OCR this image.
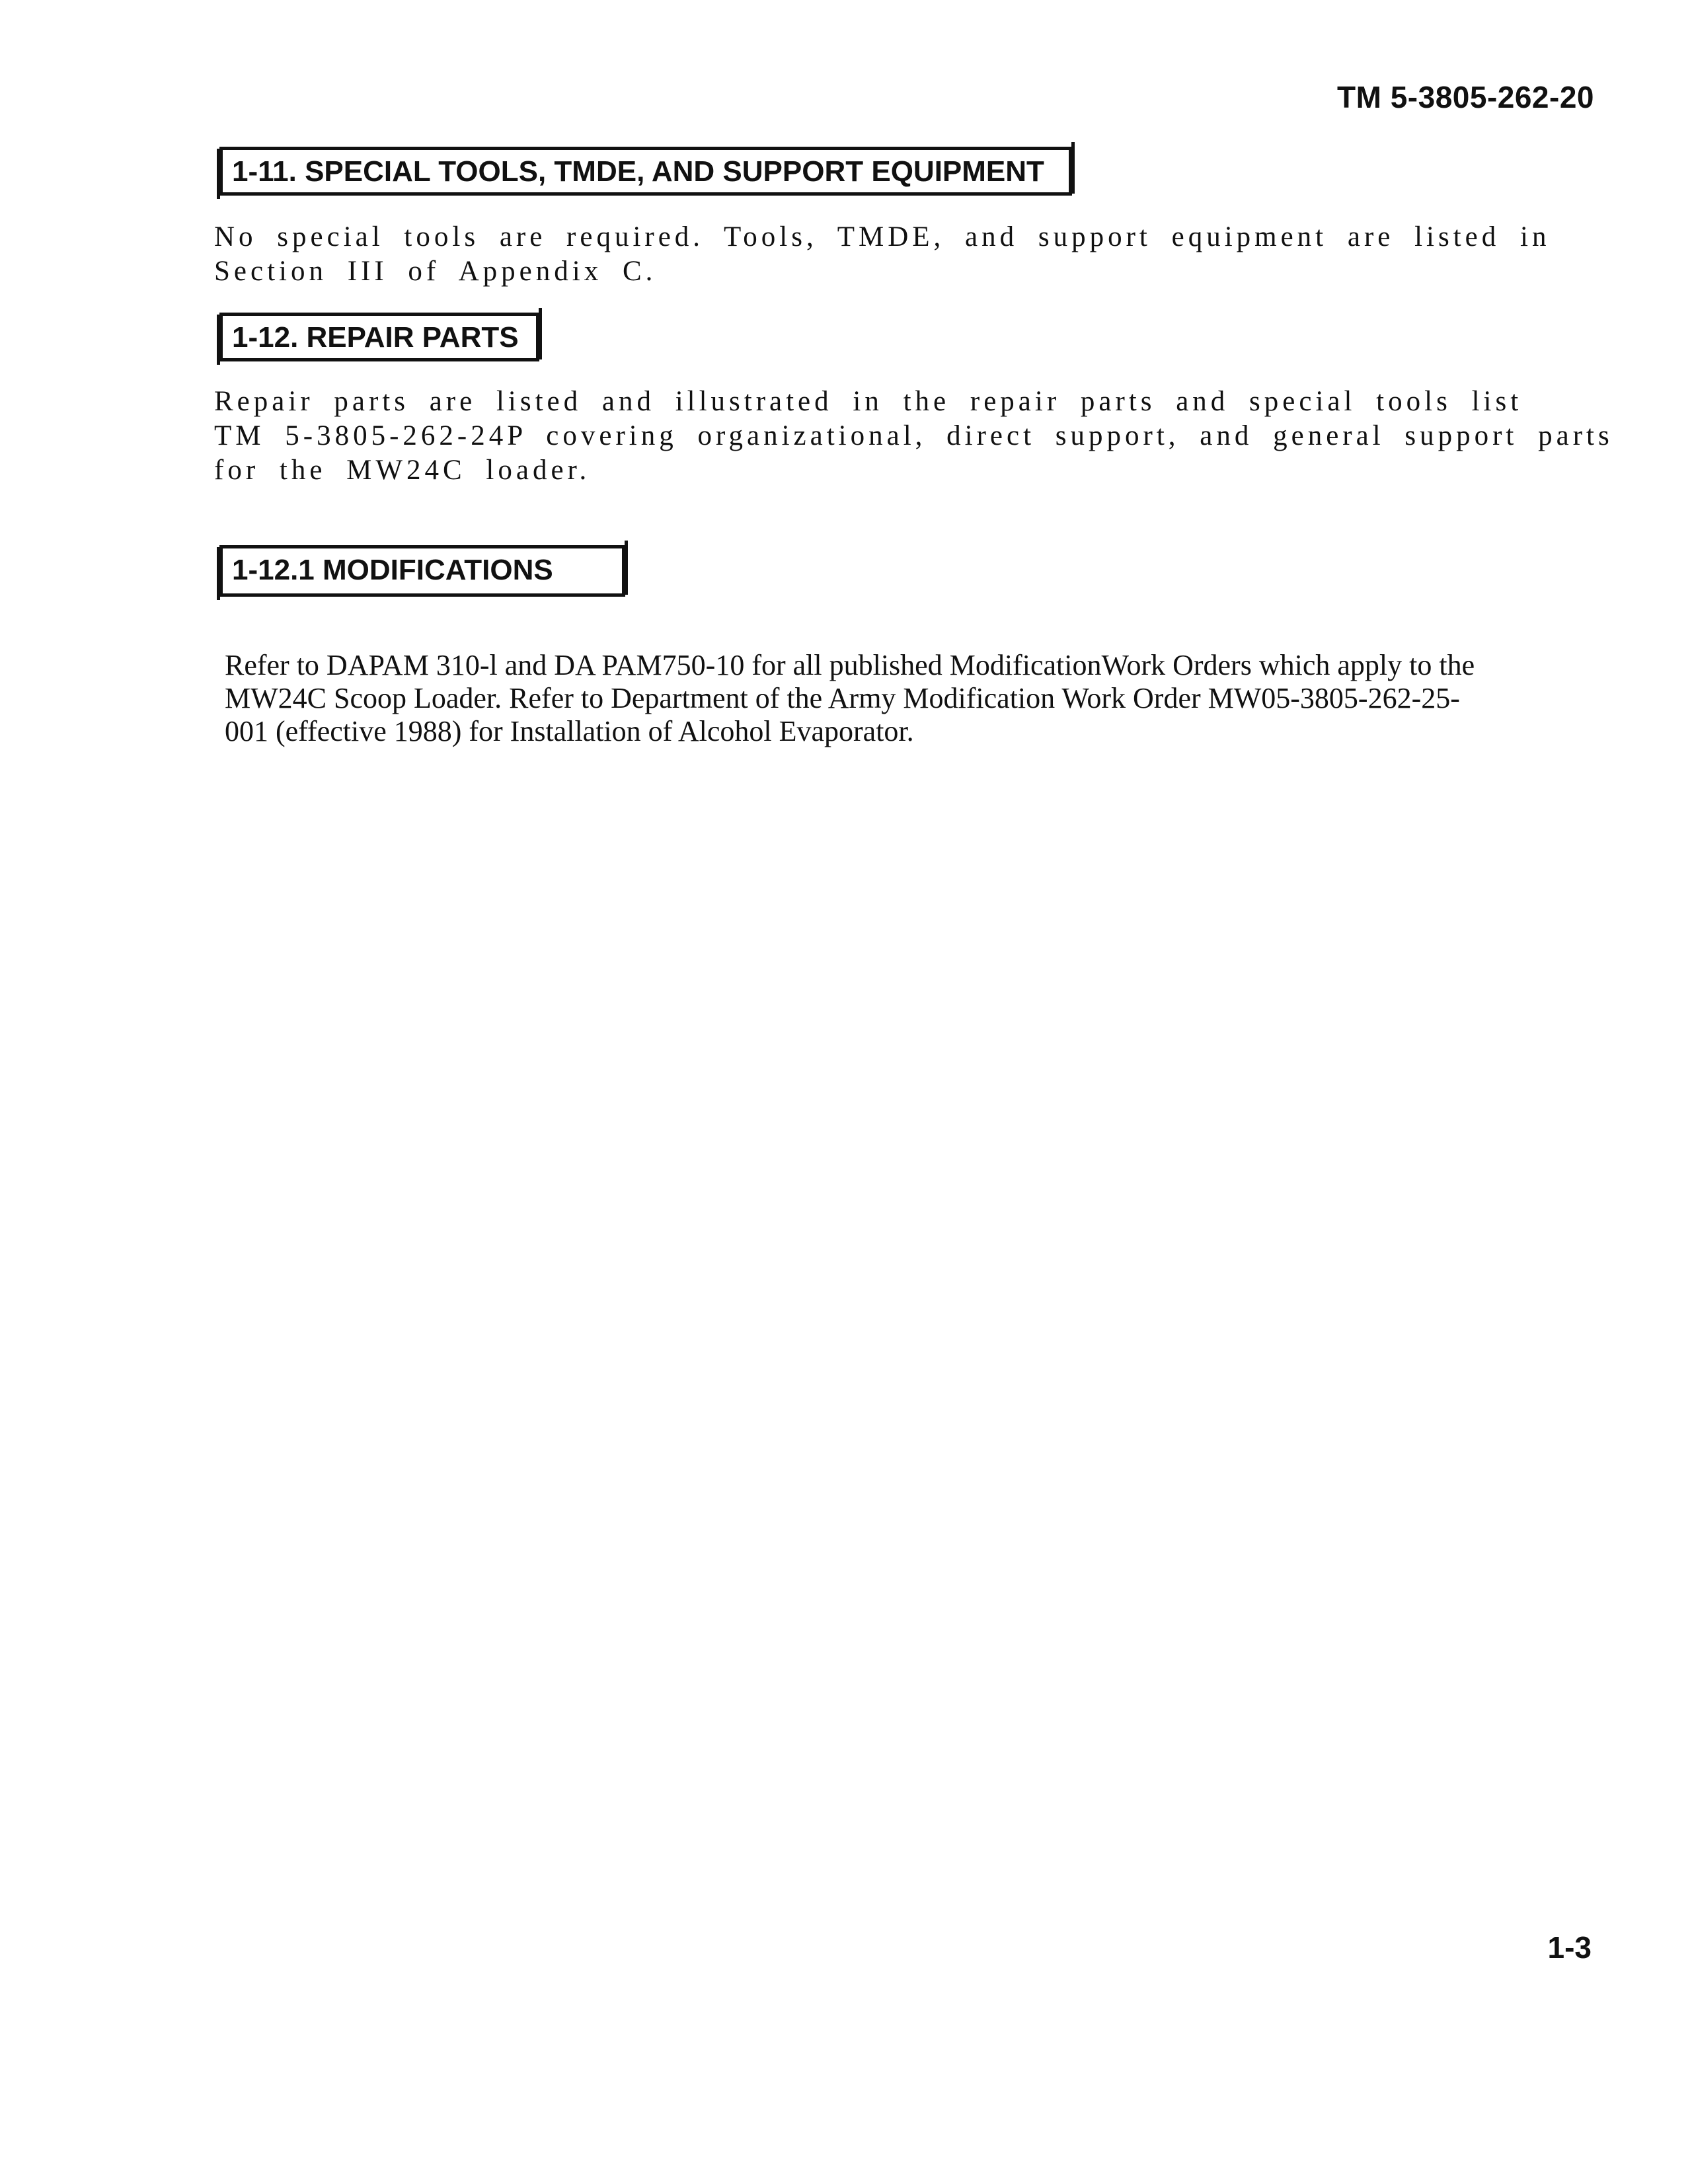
TM 5-3805-262-20
1-11. SPECIAL TOOLS, TMDE, AND SUPPORT EQUIPMENT
No special tools are required. Tools, TMDE, and support equipment are listed in
Section III of Appendix C.
1-12. REPAIR PARTS
Repair parts are listed and illustrated in the repair parts and special tools list
TM 5-3805-262-24P covering organizational, direct support, and general support parts
for the MW24C loader.
1-12.1 MODIFICATIONS
Refer to DAPAM 310-l and DA PAM750-10 for all published ModificationWork Orders which apply to the
MW24C Scoop Loader. Refer to Department of the Army Modification Work Order MW05-3805-262-25-
001 (effective 1988) for Installation of Alcohol Evaporator.
1-3
